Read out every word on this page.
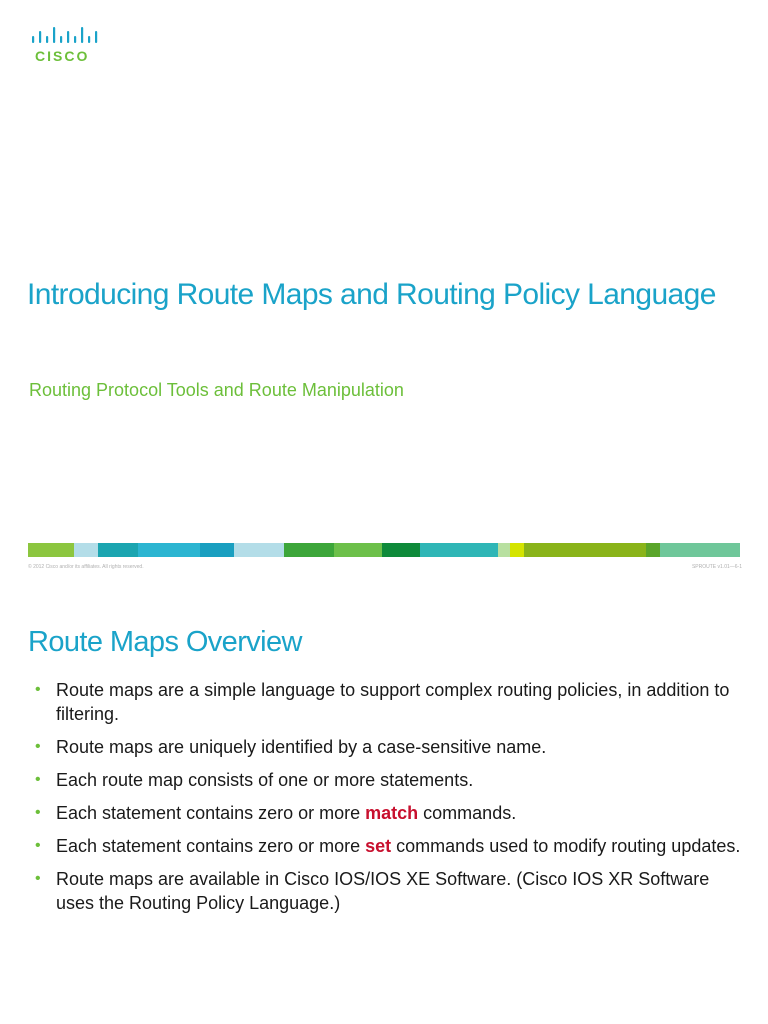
CISCO
Introducing Route Maps and Routing Policy Language
Routing Protocol Tools and Route Manipulation
© 2012 Cisco and/or its affiliates. All rights reserved.	SPROUTE v1.01—6-1
Route Maps Overview
• Route maps are a simple language to support complex routing policies, in addition to filtering.
• Route maps are uniquely identified by a case-sensitive name.
• Each route map consists of one or more statements.
• Each statement contains zero or more match commands.
• Each statement contains zero or more set commands used to modify routing updates.
• Route maps are available in Cisco IOS/IOS XE Software. (Cisco IOS XR Software uses the Routing Policy Language.)
